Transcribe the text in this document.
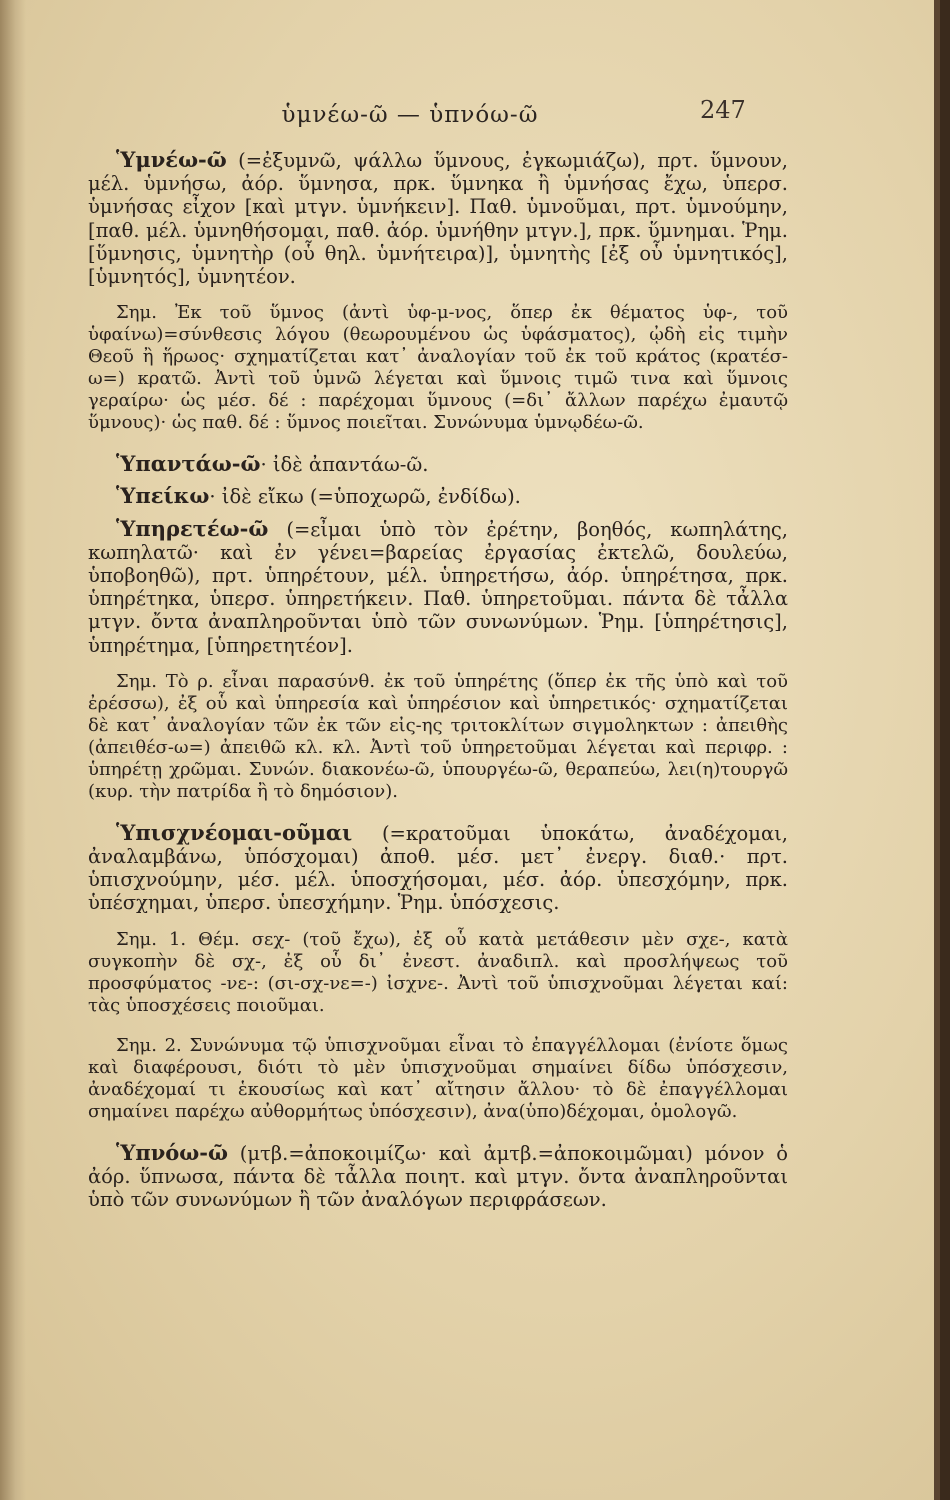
ὑμνέω-ῶ — ὑπνόω-ῶ	247

Ὑμνέω-ῶ (=ἐξυμνῶ, ψάλλω ὕμνους, ἐγκωμιάζω), πρτ. ὕμνουν, μέλ. ὑμνήσω, ἀόρ. ὕμνησα, πρκ. ὕμνηκα ἢ ὑμνήσας ἔχω, ὑπερσ. ὑμνήσας εἶχον [καὶ μτγν. ὑμνήκειν]. Παθ. ὑμνοῦμαι, πρτ. ὑμνούμην, [παθ. μέλ. ὑμνηθήσομαι, παθ. ἀόρ. ὑμνήθην μτγν.], πρκ. ὕμνημαι. Ῥημ. [ὕμνησις, ὑμνητὴρ (οὗ θηλ. ὑμνήτειρα)], ὑμνητὴς [ἐξ οὗ ὑμνητικός], [ὑμνητός], ὑμνητέον.

Σημ. Ἐκ τοῦ ὕμνος (ἀντὶ ὑφ-μ-νος, ὅπερ ἐκ θέματος ὑφ-, τοῦ ὑφαίνω)=σύνθεσις λόγου (θεωρουμένου ὡς ὑφάσματος), ᾠδὴ εἰς τιμὴν Θεοῦ ἢ ἥρωος· σχηματίζεται κατ᾽ ἀναλογίαν τοῦ ἐκ τοῦ κράτος (κρατέσ-ω=) κρατῶ. Ἀντὶ τοῦ ὑμνῶ λέγεται καὶ ὕμνοις τιμῶ τινα καὶ ὕμνοις γεραίρω· ὡς μέσ. δέ : παρέχομαι ὕμνους (=δι᾽ ἄλλων παρέχω ἐμαυτῷ ὕμνους)· ὡς παθ. δέ : ὕμνος ποιεῖται. Συνώνυμα ὑμνῳδέω-ῶ.

Ὑπαντάω-ῶ· ἰδὲ ἀπαντάω-ῶ.

Ὑπείκω· ἰδὲ εἴκω (=ὑποχωρῶ, ἐνδίδω).

Ὑπηρετέω-ῶ (=εἶμαι ὑπὸ τὸν ἐρέτην, βοηθός, κωπηλάτης, κωπηλατῶ· καὶ ἐν γένει=βαρείας ἐργασίας ἐκτελῶ, δουλεύω, ὑποβοηθῶ), πρτ. ὑπηρέτουν, μέλ. ὑπηρετήσω, ἀόρ. ὑπηρέτησα, πρκ. ὑπηρέτηκα, ὑπερσ. ὑπηρετήκειν. Παθ. ὑπηρετοῦμαι. πάντα δὲ τἆλλα μτγν. ὄντα ἀναπληροῦνται ὑπὸ τῶν συνωνύμων. Ῥημ. [ὑπηρέτησις], ὑπηρέτημα, [ὑπηρετητέον].

Σημ. Τὸ ρ. εἶναι παρασύνθ. ἐκ τοῦ ὑπηρέτης (ὅπερ ἐκ τῆς ὑπὸ καὶ τοῦ ἐρέσσω), ἐξ οὗ καὶ ὑπηρεσία καὶ ὑπηρέσιον καὶ ὑπηρετικός· σχηματίζεται δὲ κατ᾽ ἀναλογίαν τῶν ἐκ τῶν εἰς-ης τριτοκλίτων σιγμοληκτων : ἀπειθὴς (ἀπειθέσ-ω=) ἀπειθῶ κλ. κλ. Ἀντὶ τοῦ ὑπηρετοῦμαι λέγεται καὶ περιφρ. : ὑπηρέτῃ χρῶμαι. Συνών. διακονέω-ῶ, ὑπουργέω-ῶ, θεραπεύω, λει(η)τουργῶ (κυρ. τὴν πατρίδα ἢ τὸ δημόσιον).

Ὑπισχνέομαι-οῦμαι (=κρατοῦμαι ὑποκάτω, ἀναδέχομαι, ἀναλαμβάνω, ὑπόσχομαι) ἀποθ. μέσ. μετ᾽ ἐνεργ. διαθ.· πρτ. ὑπισχνούμην, μέσ. μέλ. ὑποσχήσομαι, μέσ. ἀόρ. ὑπεσχόμην, πρκ. ὑπέσχημαι, ὑπερσ. ὑπεσχήμην. Ῥημ. ὑπόσχεσις.

Σημ. 1. Θέμ. σεχ- (τοῦ ἔχω), ἐξ οὗ κατὰ μετάθεσιν μὲν σχε-, κατὰ συγκοπὴν δὲ σχ-, ἐξ οὗ δι᾽ ἐνεστ. ἀναδιπλ. καὶ προσλήψεως τοῦ προσφύματος -νε-: (σι-σχ-νε=-) ἰσχνε-. Ἀντὶ τοῦ ὑπισχνοῦμαι λέγεται καί: τὰς ὑποσχέσεις ποιοῦμαι.

Σημ. 2. Συνώνυμα τῷ ὑπισχνοῦμαι εἶναι τὸ ἐπαγγέλλομαι (ἐνίοτε ὅμως καὶ διαφέρουσι, διότι τὸ μὲν ὑπισχνοῦμαι σημαίνει δίδω ὑπόσχεσιν, ἀναδέχομαί τι ἑκουσίως καὶ κατ᾽ αἴτησιν ἄλλου· τὸ δὲ ἐπαγγέλλομαι σημαίνει παρέχω αὐθορμήτως ὑπόσχεσιν), ἀνα(ὑπο)δέχομαι, ὁμολογῶ.

Ὑπνόω-ῶ (μτβ.=ἀποκοιμίζω· καὶ ἀμτβ.=ἀποκοιμῶμαι) μόνον ὁ ἀόρ. ὕπνωσα, πάντα δὲ τἆλλα ποιητ. καὶ μτγν. ὄντα ἀναπληροῦνται ὑπὸ τῶν συνωνύμων ἢ τῶν ἀναλόγων περιφράσεων.
